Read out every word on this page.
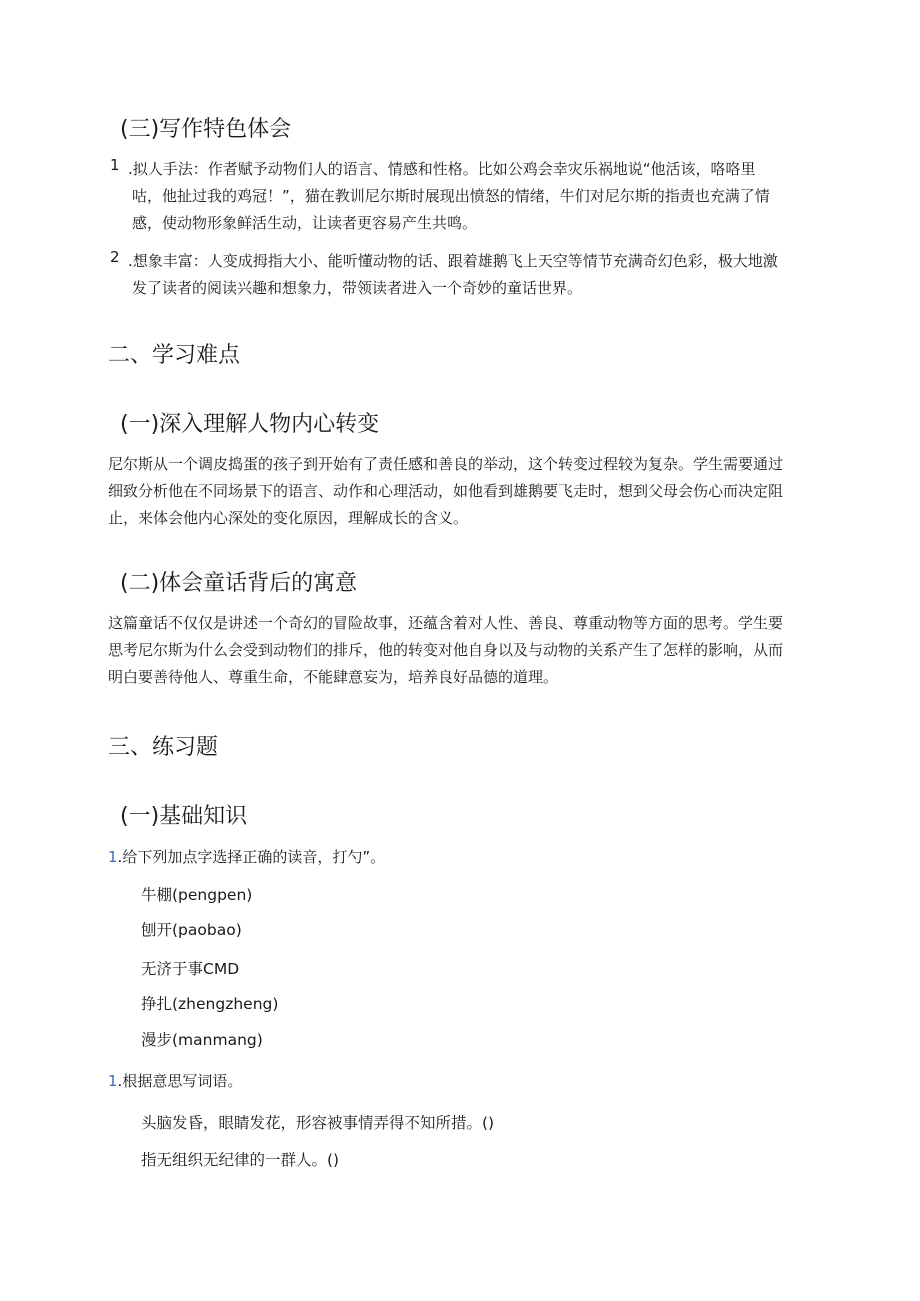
(三)写作特色体会
1 .拟人手法：作者赋予动物们人的语言、情感和性格。比如公鸡会幸灾乐祸地说“他活该，咯咯里
咕，他扯过我的鸡冠！”，猫在教训尼尔斯时展现出愤怒的情绪，牛们对尼尔斯的指责也充满了情
感，使动物形象鲜活生动，让读者更容易产生共鸣。
2 .想象丰富：人变成拇指大小、能听懂动物的话、跟着雄鹅飞上天空等情节充满奇幻色彩，极大地激
发了读者的阅读兴趣和想象力，带领读者进入一个奇妙的童话世界。
二、学习难点
(一)深入理解人物内心转变
尼尔斯从一个调皮捣蛋的孩子到开始有了责任感和善良的举动，这个转变过程较为复杂。学生需要通过
细致分析他在不同场景下的语言、动作和心理活动，如他看到雄鹅要飞走时，想到父母会伤心而决定阻
止，来体会他内心深处的变化原因，理解成长的含义。
(二)体会童话背后的寓意
这篇童话不仅仅是讲述一个奇幻的冒险故事，还蕴含着对人性、善良、尊重动物等方面的思考。学生要
思考尼尔斯为什么会受到动物们的排斥，他的转变对他自身以及与动物的关系产生了怎样的影响，从而
明白要善待他人、尊重生命，不能肆意妄为，培养良好品德的道理。
三、练习题
(一)基础知识
1.给下列加点字选择正确的读音，打勺”。
牛棚(pengpen)
刨开(paobao)
无济于事CMD
挣扎(zhengzheng)
漫步(manmang)
1.根据意思写词语。
头脑发昏，眼睛发花，形容被事情弄得不知所措。()
指无组织无纪律的一群人。()
